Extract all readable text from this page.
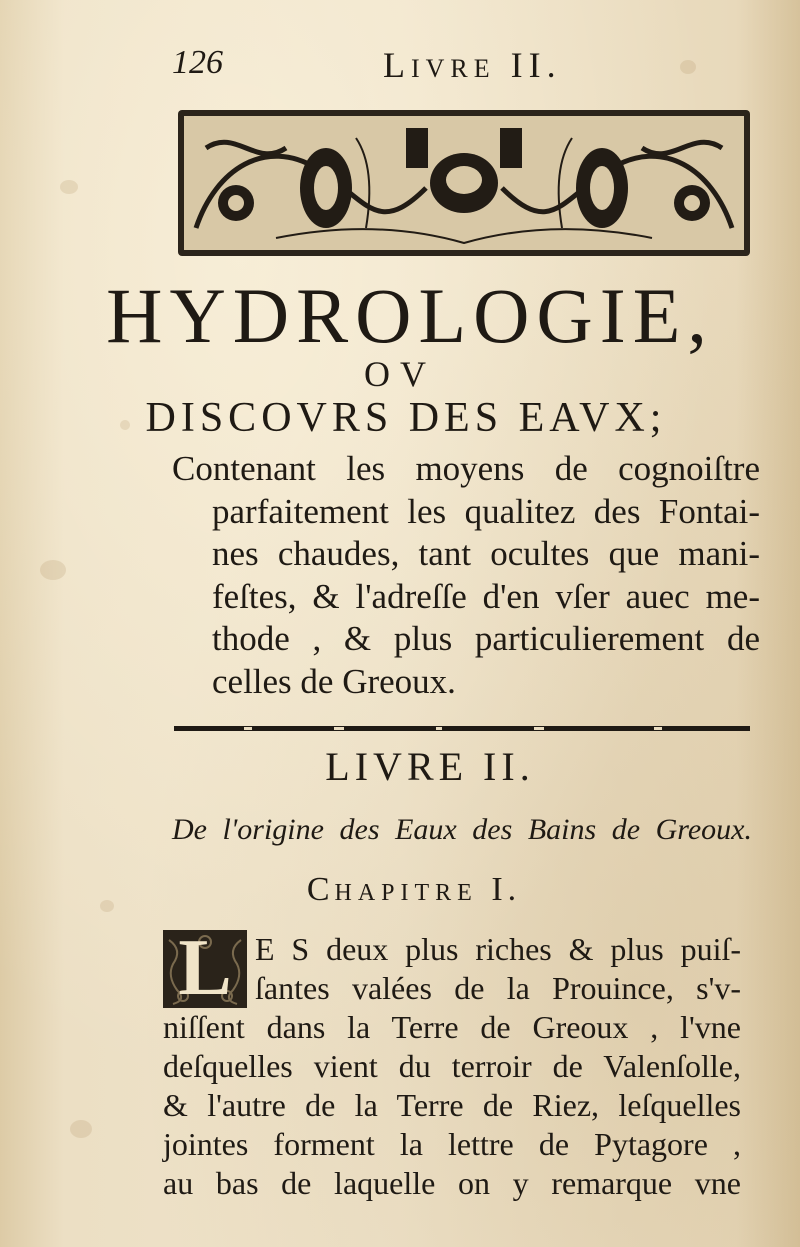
126	LIVRE II.
HYDROLOGIE,
OV
DISCOVRS DES EAVX;
Contenant les moyens de cognoiſtre
parfaitement les qualitez des Fontai-
nes chaudes, tant ocultes que mani-
feſtes, & l'adreſſe d'en vſer auec me-
thode , & plus particulierement de
celles de Greoux.
LIVRE II.
De l'origine des Eaux des Bains de Greoux.
CHAPITRE I.
L E S deux plus riches & plus puiſ-
ſantes valées de la Prouince, s'v-
niſſent dans la Terre de Greoux , l'vne
deſquelles vient du terroir de Valenſolle,
& l'autre de la Terre de Riez, leſquelles
jointes forment la lettre de Pytagore ,
au bas de laquelle on y remarque vne
